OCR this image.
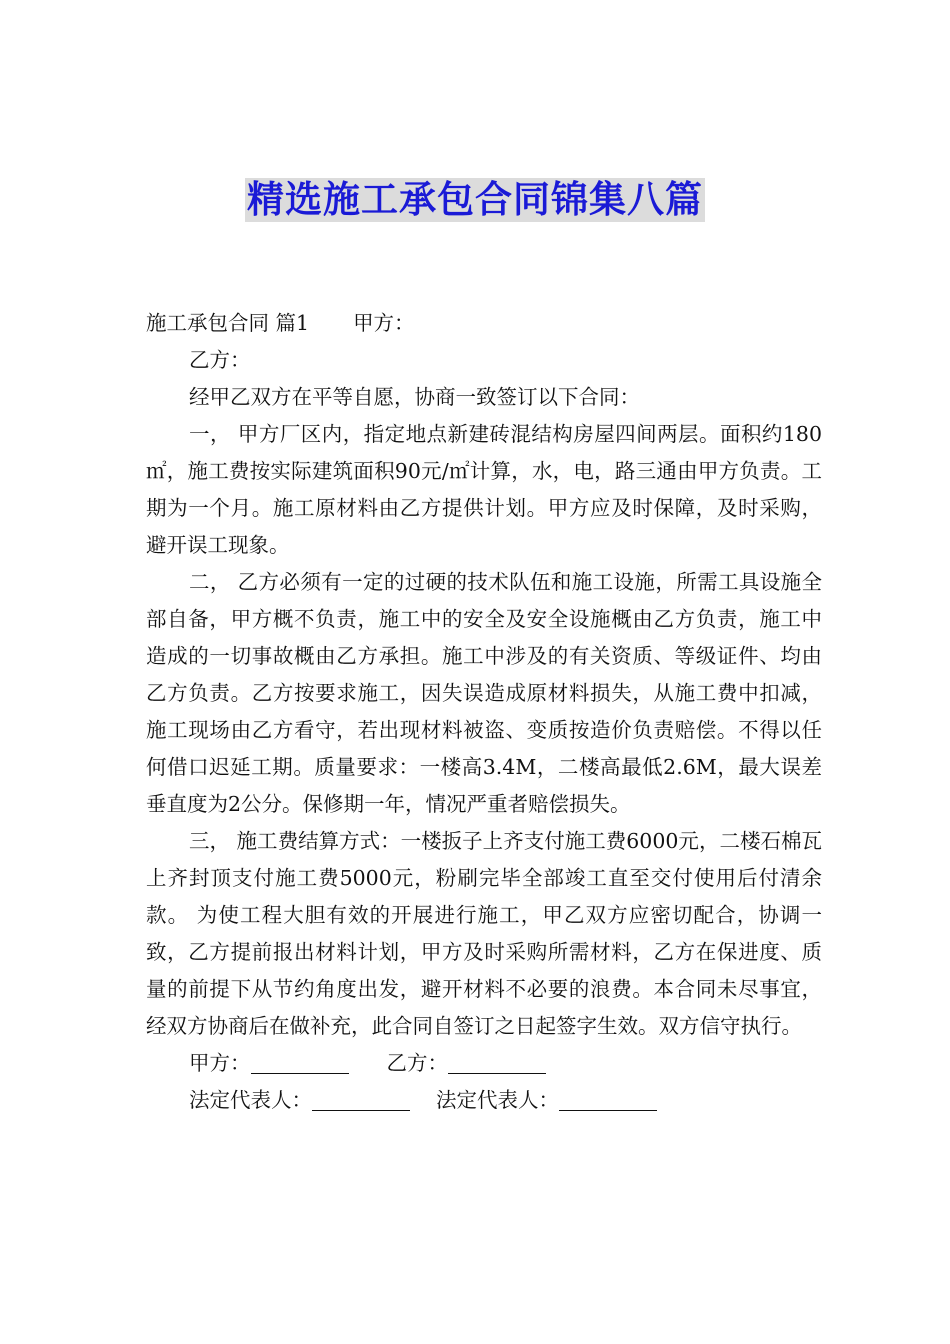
精选施工承包合同锦集八篇

施工承包合同 篇1 甲方：

乙方：

经甲乙双方在平等自愿，协商一致签订以下合同：

一， 甲方厂区内，指定地点新建砖混结构房屋四间两层。面积约180㎡，施工费按实际建筑面积90元/㎡计算，水，电，路三通由甲方负责。工期为一个月。施工原材料由乙方提供计划。甲方应及时保障，及时采购，避开误工现象。

二， 乙方必须有一定的过硬的技术队伍和施工设施，所需工具设施全部自备，甲方概不负责，施工中的安全及安全设施概由乙方负责，施工中造成的一切事故概由乙方承担。施工中涉及的有关资质、等级证件、均由乙方负责。乙方按要求施工，因失误造成原材料损失，从施工费中扣减，施工现场由乙方看守，若出现材料被盗、变质按造价负责赔偿。不得以任何借口迟延工期。质量要求：一楼高3.4M，二楼高最低2.6M，最大误差垂直度为2公分。保修期一年，情况严重者赔偿损失。

三， 施工费结算方式：一楼扳子上齐支付施工费6000元，二楼石棉瓦上齐封顶支付施工费5000元，粉刷完毕全部竣工直至交付使用后付清余款。 为使工程大胆有效的开展进行施工，甲乙双方应密切配合，协调一致，乙方提前报出材料计划，甲方及时采购所需材料，乙方在保进度、质量的前提下从节约角度出发，避开材料不必要的浪费。本合同未尽事宜，经双方协商后在做补充，此合同自签订之日起签字生效。双方信守执行。

甲方：	乙方：

法定代表人：	法定代表人：
